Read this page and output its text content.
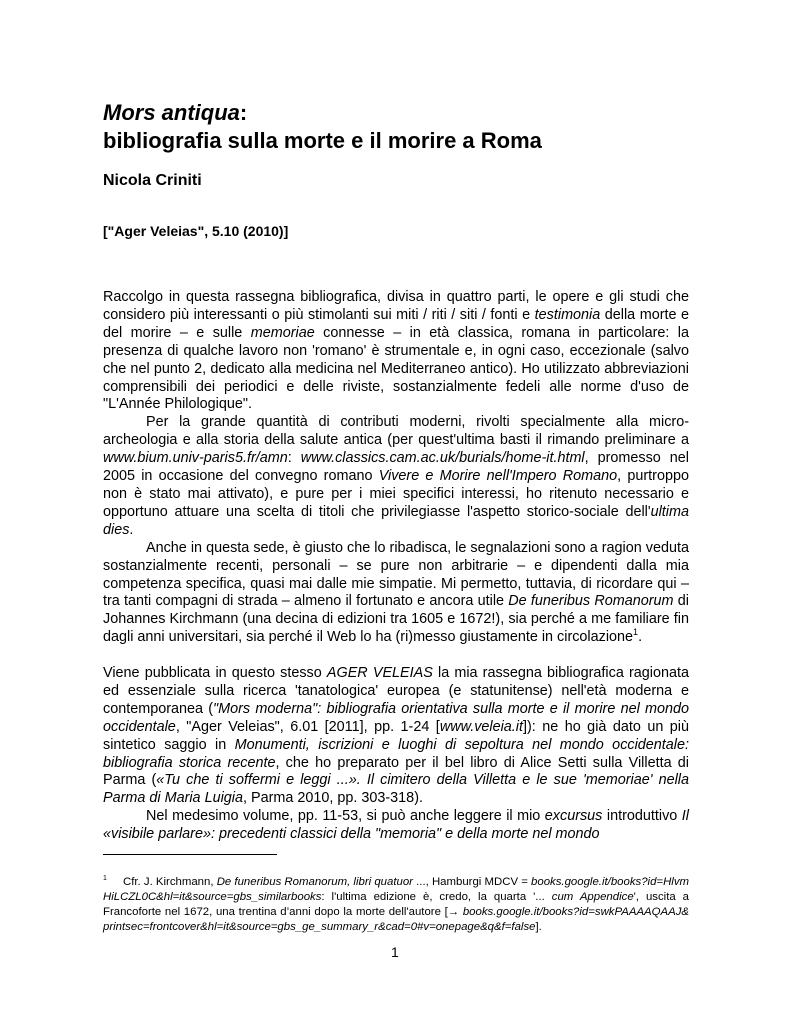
Mors antiqua:
bibliografia sulla morte e il morire a Roma

Nicola Criniti

["Ager Veleias", 5.10 (2010)]

Raccolgo in questa rassegna bibliografica, divisa in quattro parti, le opere e gli studi che considero più interessanti o più stimolanti sui miti / riti / siti / fonti e testimonia della morte e del morire – e sulle memoriae connesse – in età classica, romana in particolare: la presenza di qualche lavoro non 'romano' è strumentale e, in ogni caso, eccezionale (salvo che nel punto 2, dedicato alla medicina nel Mediterraneo antico). Ho utilizzato abbreviazioni comprensibili dei periodici e delle riviste, sostanzialmente fedeli alle norme d'uso de "L'Année Philologique".

Per la grande quantità di contributi moderni, rivolti specialmente alla micro-archeologia e alla storia della salute antica (per quest'ultima basti il rimando preliminare a www.bium.univ-paris5.fr/amn: www.classics.cam.ac.uk/burials/home-it.html, promesso nel 2005 in occasione del convegno romano Vivere e Morire nell'Impero Romano, purtroppo non è stato mai attivato), e pure per i miei specifici interessi, ho ritenuto necessario e opportuno attuare una scelta di titoli che privilegiasse l'aspetto storico-sociale dell'ultima dies.

Anche in questa sede, è giusto che lo ribadisca, le segnalazioni sono a ragion veduta sostanzialmente recenti, personali – se pure non arbitrarie – e dipendenti dalla mia competenza specifica, quasi mai dalle mie simpatie. Mi permetto, tuttavia, di ricordare qui – tra tanti compagni di strada – almeno il fortunato e ancora utile De funeribus Romanorum di Johannes Kirchmann (una decina di edizioni tra 1605 e 1672!), sia perché a me familiare fin dagli anni universitari, sia perché il Web lo ha (ri)messo giustamente in circolazione$^1$.

Viene pubblicata in questo stesso AGER VELEIAS la mia rassegna bibliografica ragionata ed essenziale sulla ricerca 'tanatologica' europea (e statunitense) nell'età moderna e contemporanea ("Mors moderna": bibliografia orientativa sulla morte e il morire nel mondo occidentale, "Ager Veleias", 6.01 [2011], pp. 1-24 [www.veleia.it]): ne ho già dato un più sintetico saggio in Monumenti, iscrizioni e luoghi di sepoltura nel mondo occidentale: bibliografia storica recente, che ho preparato per il bel libro di Alice Setti sulla Villetta di Parma («Tu che ti soffermi e leggi ...». Il cimitero della Villetta e le sue 'memoriae' nella Parma di Maria Luigia, Parma 2010, pp. 303-318).

Nel medesimo volume, pp. 11-53, si può anche leggere il mio excursus introduttivo Il «visibile parlare»: precedenti classici della "memoria" e della morte nel mondo

$^1$ Cfr. J. Kirchmann, De funeribus Romanorum, libri quatuor ..., Hamburgi MDCV = books.google.it/books?id=HlvmHiLCZL0C&hl=it&source=gbs_similarbooks: l'ultima edizione è, credo, la quarta '... cum Appendice', uscita a Francoforte nel 1672, una trentina d’anni dopo la morte dell'autore [→ books.google.it/books?id=swkPAAAAQAAJ&printsec=frontcover&hl=it&source=gbs_ge_summary_r&cad=0#v=onepage&q&f=false].

1
